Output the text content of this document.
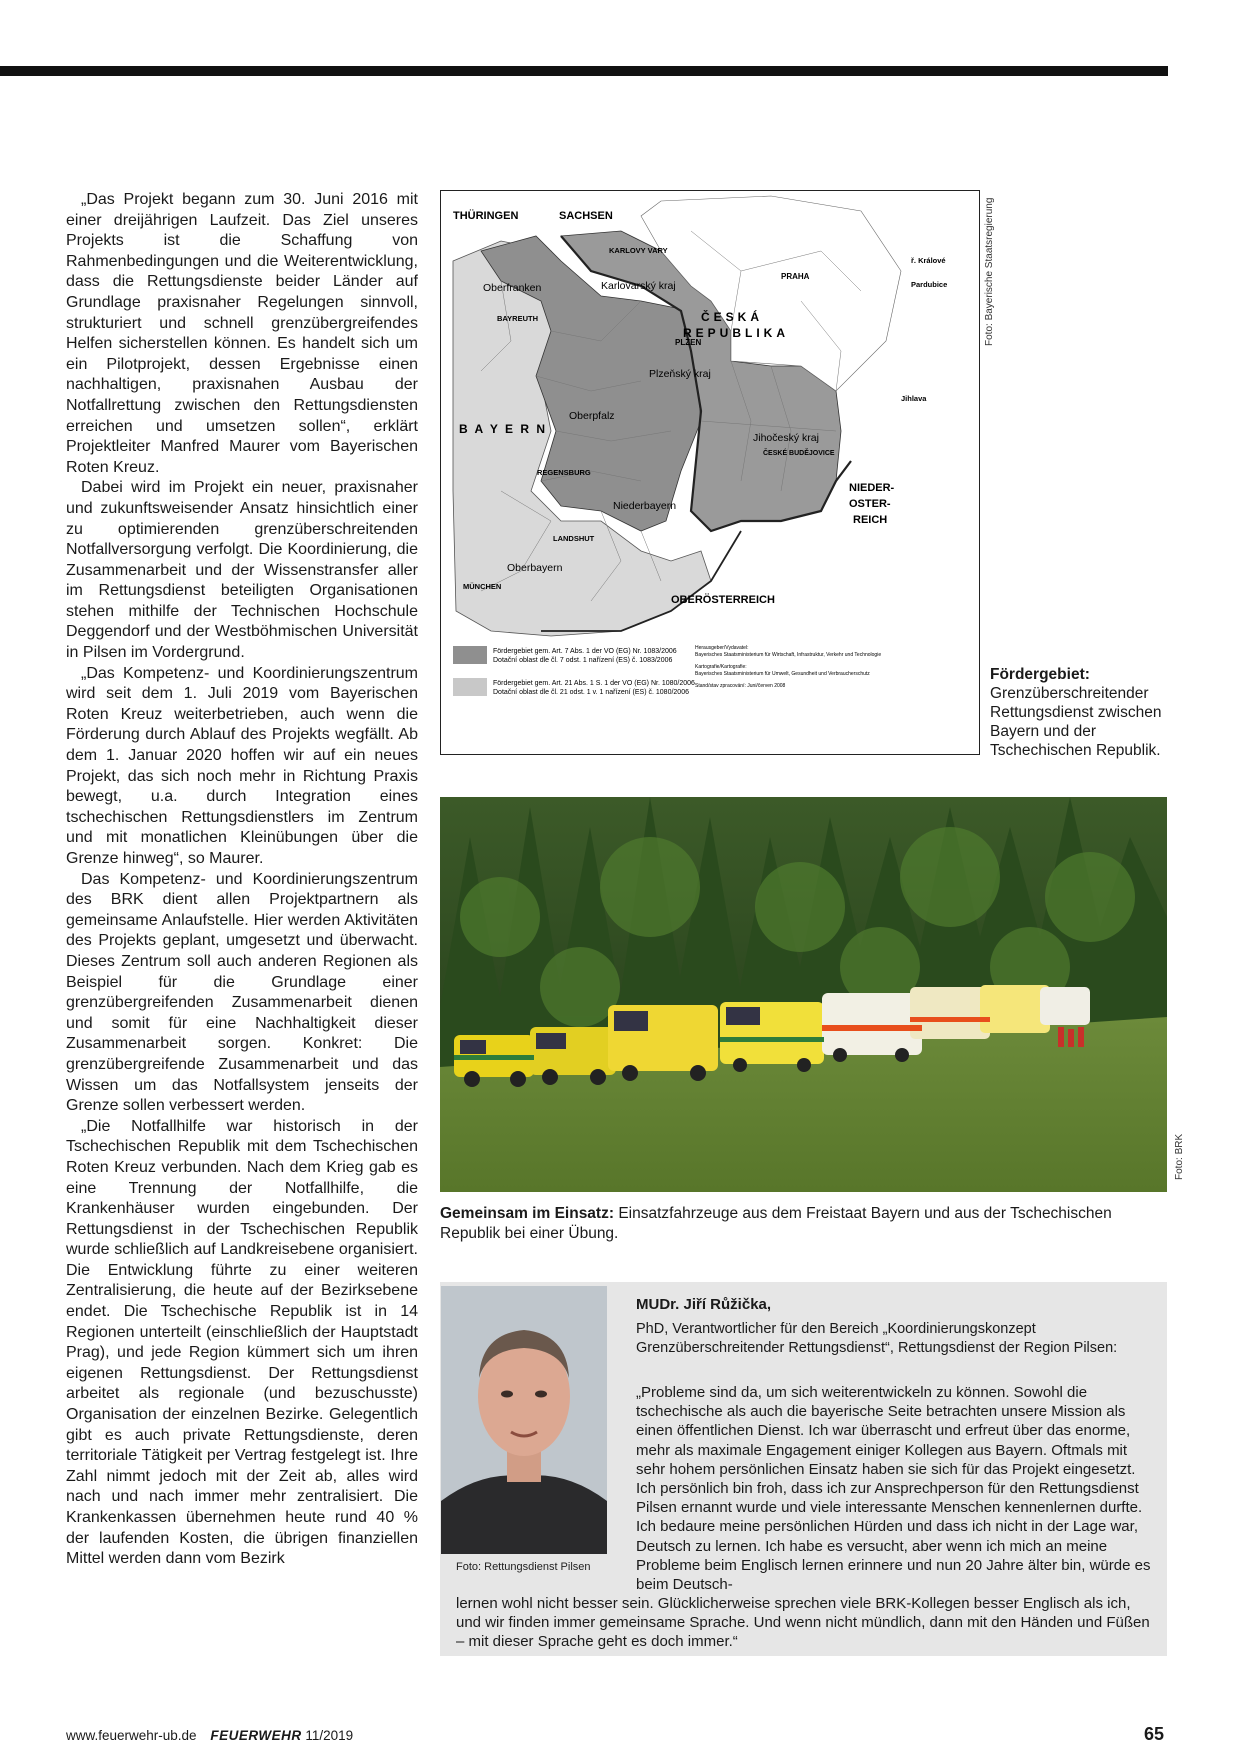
„Das Projekt begann zum 30. Juni 2016 mit einer dreijährigen Laufzeit. Das Ziel unseres Projekts ist die Schaffung von Rahmenbedingungen und die Weiterentwicklung, dass die Rettungsdienste beider Länder auf Grundlage praxisnaher Regelungen sinnvoll, strukturiert und schnell grenzübergreifendes Helfen sicherstellen können. Es handelt sich um ein Pilotprojekt, dessen Ergebnisse einen nachhaltigen, praxisnahen Ausbau der Notfallrettung zwischen den Rettungsdiensten erreichen und umsetzen sollen“, erklärt Projektleiter Manfred Maurer vom Bayerischen Roten Kreuz.

Dabei wird im Projekt ein neuer, praxisnaher und zukunftsweisender Ansatz hinsichtlich einer zu optimierenden grenzüberschreitenden Notfallversorgung verfolgt. Die Koordinierung, die Zusammenarbeit und der Wissenstransfer aller im Rettungsdienst beteiligten Organisationen stehen mithilfe der Technischen Hochschule Deggendorf und der Westböhmischen Universität in Pilsen im Vordergrund.

„Das Kompetenz- und Koordinierungszentrum wird seit dem 1. Juli 2019 vom Bayerischen Roten Kreuz weiterbetrieben, auch wenn die Förderung durch Ablauf des Projekts wegfällt. Ab dem 1. Januar 2020 hoffen wir auf ein neues Projekt, das sich noch mehr in Richtung Praxis bewegt, u.a. durch Integration eines tschechischen Rettungsdienstlers im Zentrum und mit monatlichen Kleinübungen über die Grenze hinweg“, so Maurer.

Das Kompetenz- und Koordinierungszentrum des BRK dient allen Projektpartnern als gemeinsame Anlaufstelle. Hier werden Aktivitäten des Projekts geplant, umgesetzt und überwacht. Dieses Zentrum soll auch anderen Regionen als Beispiel für die Grundlage einer grenzübergreifenden Zusammenarbeit dienen und somit für eine Nachhaltigkeit dieser Zusammenarbeit sorgen. Konkret: Die grenzübergreifende Zusammenarbeit und das Wissen um das Notfallsystem jenseits der Grenze sollen verbessert werden.

„Die Notfallhilfe war historisch in der Tschechischen Republik mit dem Tschechischen Roten Kreuz verbunden. Nach dem Krieg gab es eine Trennung der Notfallhilfe, die Krankenhäuser wurden eingebunden. Der Rettungsdienst in der Tschechischen Republik wurde schließlich auf Landkreisebene organisiert. Die Entwicklung führte zu einer weiteren Zentralisierung, die heute auf der Bezirksebene endet. Die Tschechische Republik ist in 14 Regionen unterteilt (einschließlich der Hauptstadt Prag), und jede Region kümmert sich um ihren eigenen Rettungsdienst. Der Rettungsdienst arbeitet als regionale (und bezuschusste) Organisation der einzelnen Bezirke. Gelegentlich gibt es auch private Rettungsdienste, deren territoriale Tätigkeit per Vertrag festgelegt ist. Ihre Zahl nimmt jedoch mit der Zeit ab, alles wird nach und nach immer mehr zentralisiert. Die Krankenkassen übernehmen heute rund 40 % der laufenden Kosten, die übrigen finanziellen Mittel werden dann vom Bezirk

THÜRINGEN	SACHSEN
ČESKÁ
REPUBLIKA
B A Y E R N
NIEDER-
OSTER-
REICH
OBERÖSTERREICH
Oberfranken
Oberpfalz
Niederbayern
Oberbayern
Karlovarský kraj
Plzeňský kraj
Jihočeský kraj
PRAHA
PLZEN
KARLOVY VARY
BAYREUTH
REGENSBURG
LANDSHUT
MÜNCHEN
ČESKÉ BUDĚJOVICE
Jihlava
ř. Králové
Pardubice
Fördergebiet gem. Art. 7 Abs. 1 der VO (EG) Nr. 1083/2006
Dotační oblast dle čl. 7 odst. 1 nařízení (ES) č. 1083/2006
Fördergebiet gem. Art. 21 Abs. 1 S. 1 der VO (EG) Nr. 1080/2006
Dotační oblast dle čl. 21 odst. 1 v. 1 nařízení (ES) č. 1080/2006
Herausgeber/Vydavatel:
Bayerisches Staatsministerium für Wirtschaft, Infrastruktur, Verkehr und Technologie
Kartografie/Kartografie:
Bayerisches Staatsministerium für Umwelt, Gesundheit und Verbraucherschutz
Stand/stav zpracování: Juni/červen 2008
Foto: Bayerische Staatsregierung
Fördergebiet: Grenzüberschreitender Rettungsdienst zwischen Bayern und der Tschechischen Republik.
Foto: BRK
Gemeinsam im Einsatz: Einsatzfahrzeuge aus dem Freistaat Bayern und aus der Tschechischen Republik bei einer Übung.
Foto: Rettungsdienst Pilsen
MUDr. Jiří Růžička,
PhD, Verantwortlicher für den Bereich „Koordinierungskonzept Grenzüberschreitender Rettungsdienst“, Rettungsdienst der Region Pilsen:
„Probleme sind da, um sich weiterentwickeln zu können. Sowohl die tschechische als auch die bayerische Seite betrachten unsere Mission als einen öffentlichen Dienst. Ich war überrascht und erfreut über das enorme, mehr als maximale Engagement einiger Kollegen aus Bayern. Oftmals mit sehr hohem persönlichen Einsatz haben sie sich für das Projekt eingesetzt. Ich persönlich bin froh, dass ich zur Ansprechperson für den Rettungsdienst Pilsen ernannt wurde und viele interessante Menschen kennenlernen durfte. Ich bedaure meine persönlichen Hürden und dass ich nicht in der Lage war, Deutsch zu lernen. Ich habe es versucht, aber wenn ich mich an meine Probleme beim Englisch lernen erinnere und nun 20 Jahre älter bin, würde es beim Deutsch-
lernen wohl nicht besser sein. Glücklicherweise sprechen viele BRK-Kollegen besser Englisch als ich, und wir finden immer gemeinsame Sprache. Und wenn nicht mündlich, dann mit den Händen und Füßen – mit dieser Sprache geht es doch immer.“
www.feuerwehr-ub.de FEUERWEHR 11/2019	65
